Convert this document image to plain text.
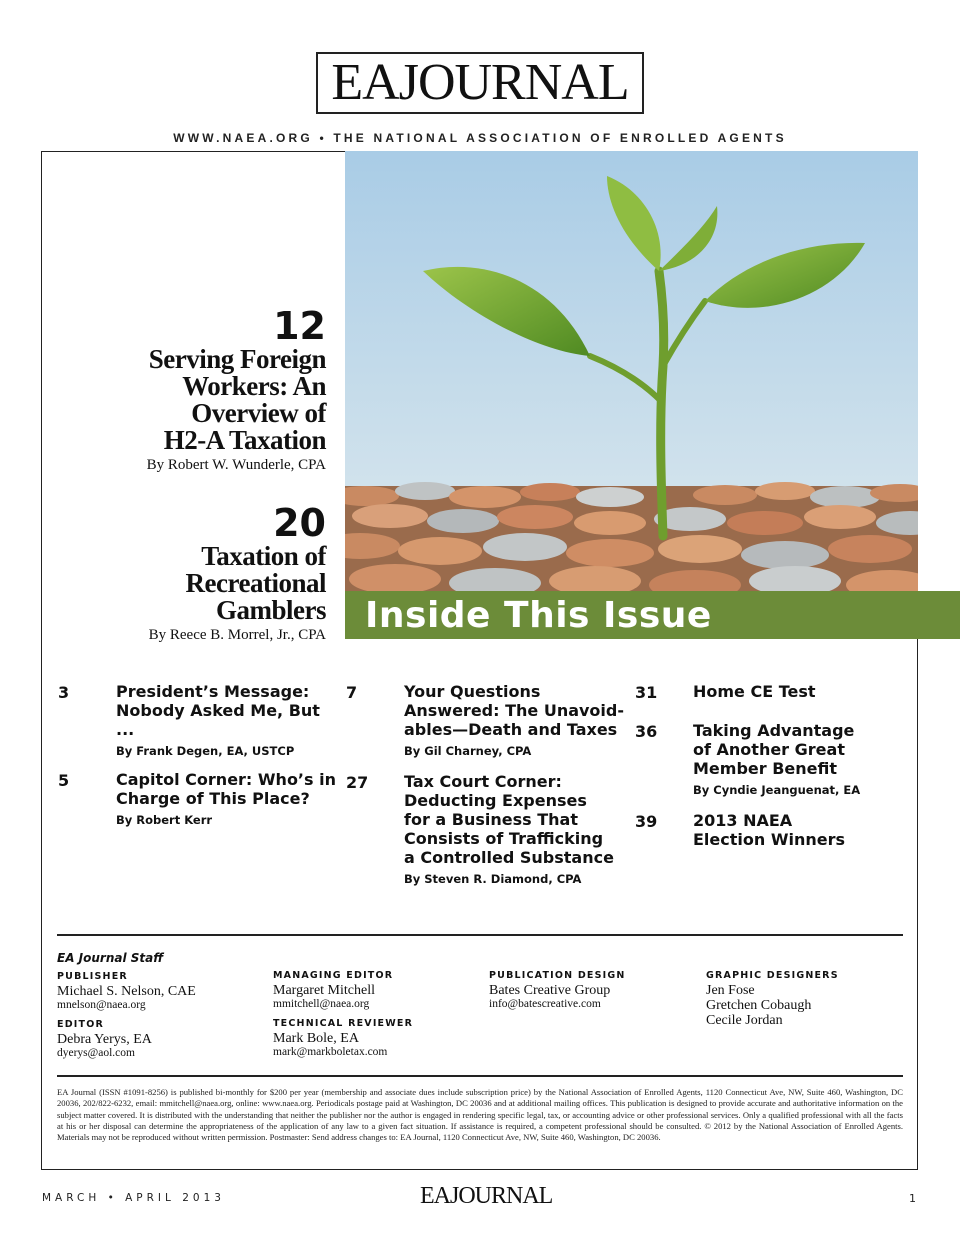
EAJOURNAL
WWW.NAEA.ORG • THE NATIONAL ASSOCIATION OF ENROLLED AGENTS
Inside This Issue
12
Serving Foreign
Workers: An
Overview of
H2-A Taxation
By Robert W. Wunderle, CPA
20
Taxation of
Recreational
Gamblers
By Reece B. Morrel, Jr., CPA
3	President’s Message:
Nobody Asked Me, But ...
By Frank Degen, EA, USTCP
5	Capitol Corner: Who’s in
Charge of This Place?
By Robert Kerr
7	Your Questions
Answered: The Unavoid-
ables—Death and Taxes
By Gil Charney, CPA
27	Tax Court Corner:
Deducting Expenses
for a Business That
Consists of Trafficking
a Controlled Substance
By Steven R. Diamond, CPA
31	Home CE Test
36	Taking Advantage
of Another Great
Member Benefit
By Cyndie Jeanguenat, EA
39	2013 NAEA
Election Winners
EA Journal Staff
PUBLISHER
Michael S. Nelson, CAE
mnelson@naea.org
EDITOR
Debra Yerys, EA
dyerys@aol.com
MANAGING EDITOR
Margaret Mitchell
mmitchell@naea.org
TECHNICAL REVIEWER
Mark Bole, EA
mark@markboletax.com
PUBLICATION DESIGN
Bates Creative Group
info@batescreative.com
GRAPHIC DESIGNERS
Jen Fose
Gretchen Cobaugh
Cecile Jordan
EA Journal (ISSN #1091-8256) is published bi-monthly for $200 per year (membership and associate dues include subscription price) by the National Association of Enrolled Agents, 1120 Connecticut Ave, NW, Suite 460, Washington, DC 20036, 202/822-6232, email: mmitchell@naea.org, online: www.naea.org. Periodicals postage paid at Washington, DC 20036 and at additional mailing offices. This publication is designed to provide accurate and authoritative information on the subject matter covered. It is distributed with the understanding that neither the publisher nor the author is engaged in rendering specific legal, tax, or accounting advice or other professional services. Only a qualified professional with all the facts at his or her disposal can determine the appropriateness of the application of any law to a given fact situation. If assistance is required, a competent professional should be consulted. © 2012 by the National Association of Enrolled Agents. Materials may not be reproduced without written permission. Postmaster: Send address changes to: EA Journal, 1120 Connecticut Ave, NW, Suite 460, Washington, DC 20036.
MARCH • APRIL 2013	EAJOURNAL	1
